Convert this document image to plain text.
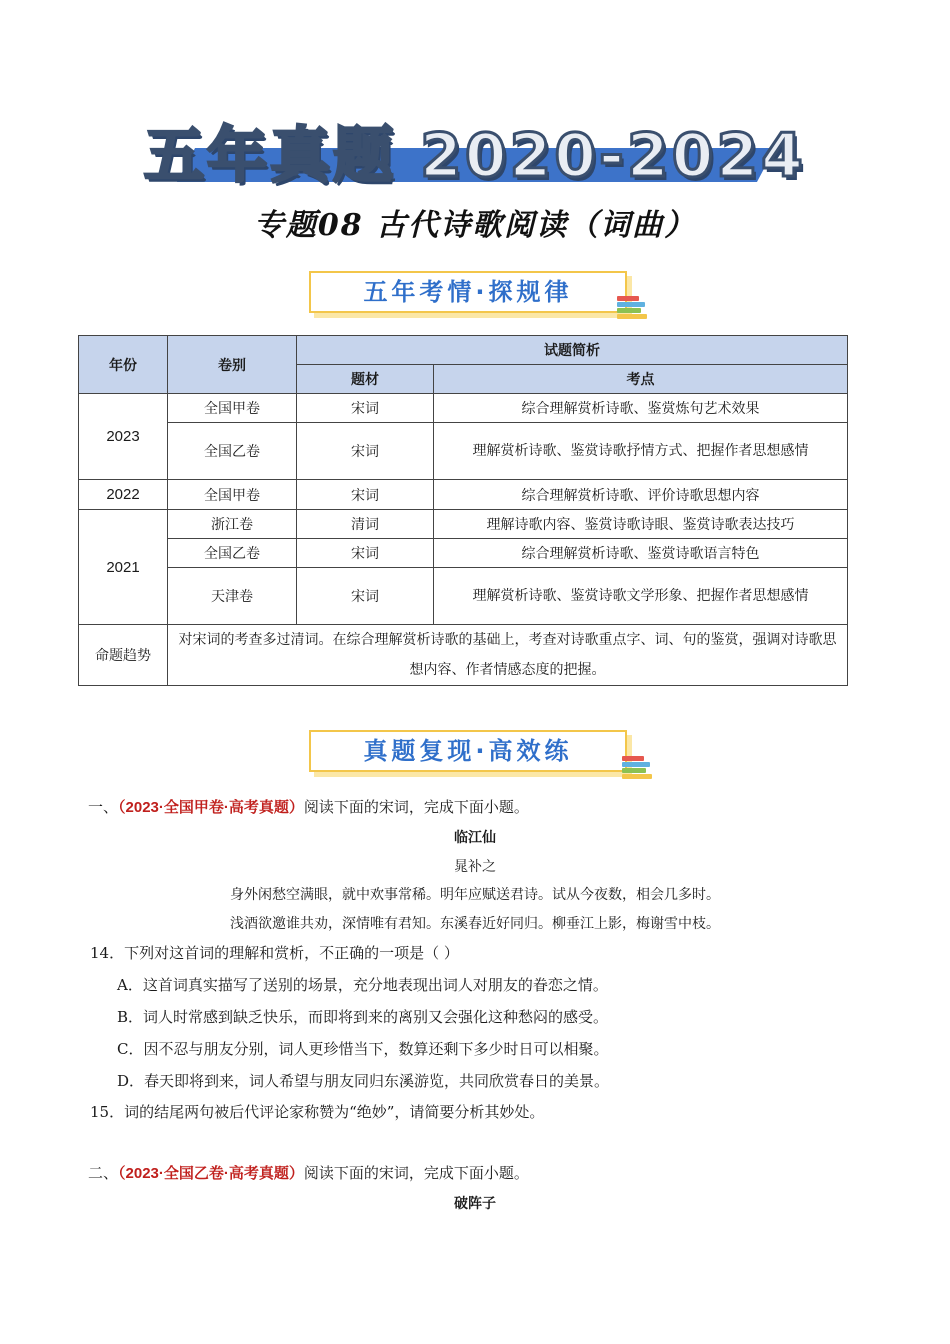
五年真题 2020-2024
专题08 古代诗歌阅读（词曲）
五年考情·探规律
年份	卷别	试题简析	
		题材	考点
2023	全国甲卷	宋词	综合理解赏析诗歌、鉴赏炼句艺术效果
	全国乙卷	宋词	理解赏析诗歌、鉴赏诗歌抒情方式、把握作者思想感情
2022	全国甲卷	宋词	综合理解赏析诗歌、评价诗歌思想内容
2021	浙江卷	清词	理解诗歌内容、鉴赏诗歌诗眼、鉴赏诗歌表达技巧
	全国乙卷	宋词	综合理解赏析诗歌、鉴赏诗歌语言特色
	天津卷	宋词	理解赏析诗歌、鉴赏诗歌文学形象、把握作者思想感情
命题趋势	对宋词的考查多过清词。在综合理解赏析诗歌的基础上，考查对诗歌重点字、词、句的鉴赏，强调对诗歌思想内容、作者情感态度的把握。		
真题复现·高效练
一、（2023·全国甲卷·高考真题）阅读下面的宋词，完成下面小题。
临江仙
晁补之
身外闲愁空满眼，就中欢事常稀。明年应赋送君诗。试从今夜数，相会几多时。
浅酒欲邀谁共劝，深情唯有君知。东溪春近好同归。柳垂江上影，梅谢雪中枝。
14．下列对这首词的理解和赏析，不正确的一项是（ ）
A．这首词真实描写了送别的场景，充分地表现出词人对朋友的眷恋之情。
B．词人时常感到缺乏快乐，而即将到来的离别又会强化这种愁闷的感受。
C．因不忍与朋友分别，词人更珍惜当下，数算还剩下多少时日可以相聚。
D．春天即将到来，词人希望与朋友同归东溪游览，共同欣赏春日的美景。
15．词的结尾两句被后代评论家称赞为“绝妙”，请简要分析其妙处。
二、（2023·全国乙卷·高考真题）阅读下面的宋词，完成下面小题。
破阵子
